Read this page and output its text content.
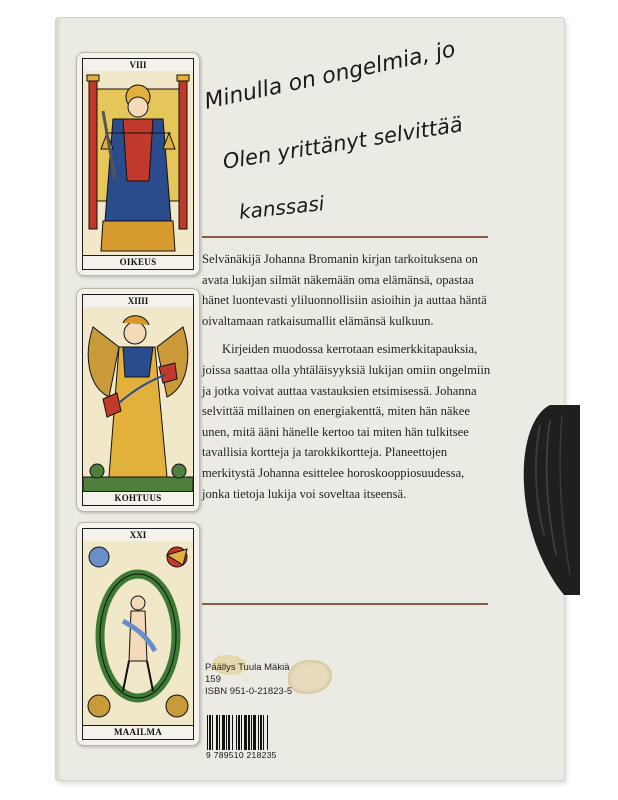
VIII
OIKEUS
XIIII
KOHTUUS
XXI
MAAILMA
Minulla on ongelmia, jo
Olen yrittänyt selvittää
kanssasi

Selvänäkijä Johanna Bromanin kirjan tarkoituksena on avata lukijan silmät näkemään oma elämänsä, opastaa hänet luontevasti yliluonnollisiin asioihin ja auttaa häntä oivaltamaan ratkaisumallit elämänsä kulkuun.

Kirjeiden muodossa kerrotaan esimerkkitapauksia, joissa saattaa olla yhtäläisyyksiä lukijan omiin ongelmiin ja jotka voivat auttaa vastauksien etsimisessä. Johanna selvittää millainen on energiakenttä, miten hän näkee unen, mitä ääni hänelle kertoo tai miten hän tulkitsee tavallisia kortteja ja tarokkikortteja. Planeettojen merkitystä Johanna esittelee horoskooppiosuudessa, jonka tietoja lukija voi soveltaa itseensä.

Päällys Tuula Mäkiä
159
ISBN 951-0-21823-5
9 789510 218235
